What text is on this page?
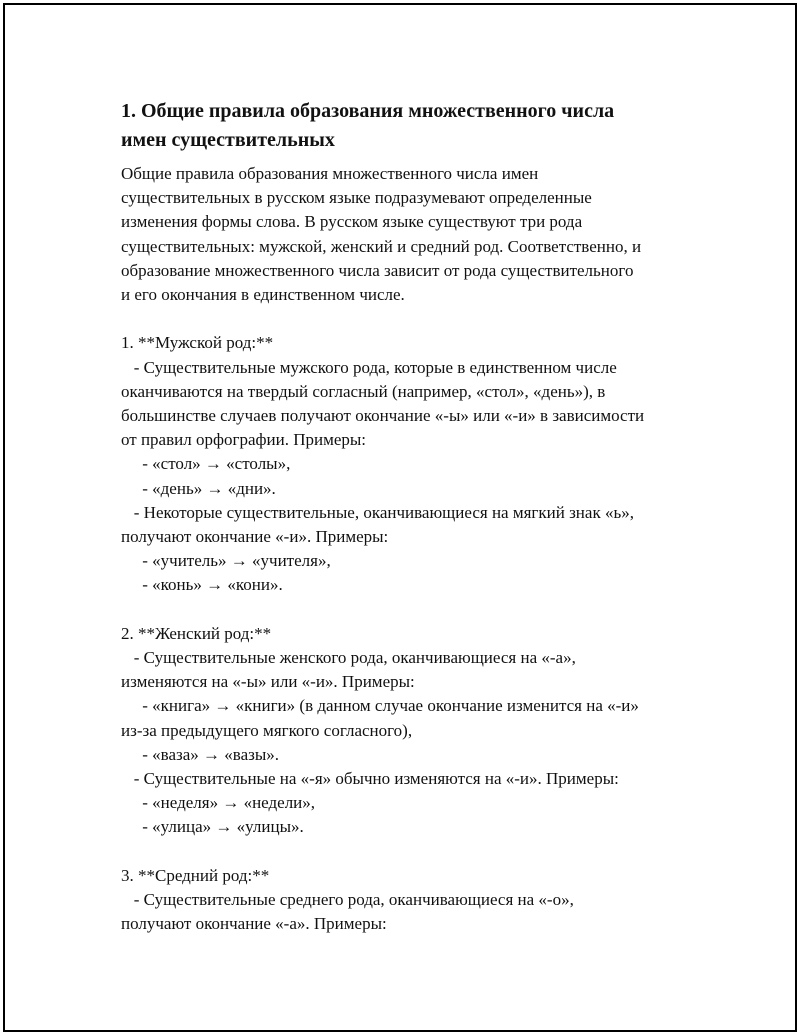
1. Общие правила образования множественного числа
имен существительных
Общие правила образования множественного числа имен
существительных в русском языке подразумевают определенные
изменения формы слова. В русском языке существуют три рода
существительных: мужской, женский и средний род. Соответственно, и
образование множественного числа зависит от рода существительного
и его окончания в единственном числе.
1. **Мужской род:**
- Существительные мужского рода, которые в единственном числе
оканчиваются на твердый согласный (например, «стол», «день»), в
большинстве случаев получают окончание «-ы» или «-и» в зависимости
от правил орфографии. Примеры:
- «стол» → «столы»,
- «день» → «дни».
- Некоторые существительные, оканчивающиеся на мягкий знак «ь»,
получают окончание «-и». Примеры:
- «учитель» → «учителя»,
- «конь» → «кони».
2. **Женский род:**
- Существительные женского рода, оканчивающиеся на «-а»,
изменяются на «-ы» или «-и». Примеры:
- «книга» → «книги» (в данном случае окончание изменится на «-и»
из-за предыдущего мягкого согласного),
- «ваза» → «вазы».
- Существительные на «-я» обычно изменяются на «-и». Примеры:
- «неделя» → «недели»,
- «улица» → «улицы».
3. **Средний род:**
- Существительные среднего рода, оканчивающиеся на «-о»,
получают окончание «-а». Примеры:
